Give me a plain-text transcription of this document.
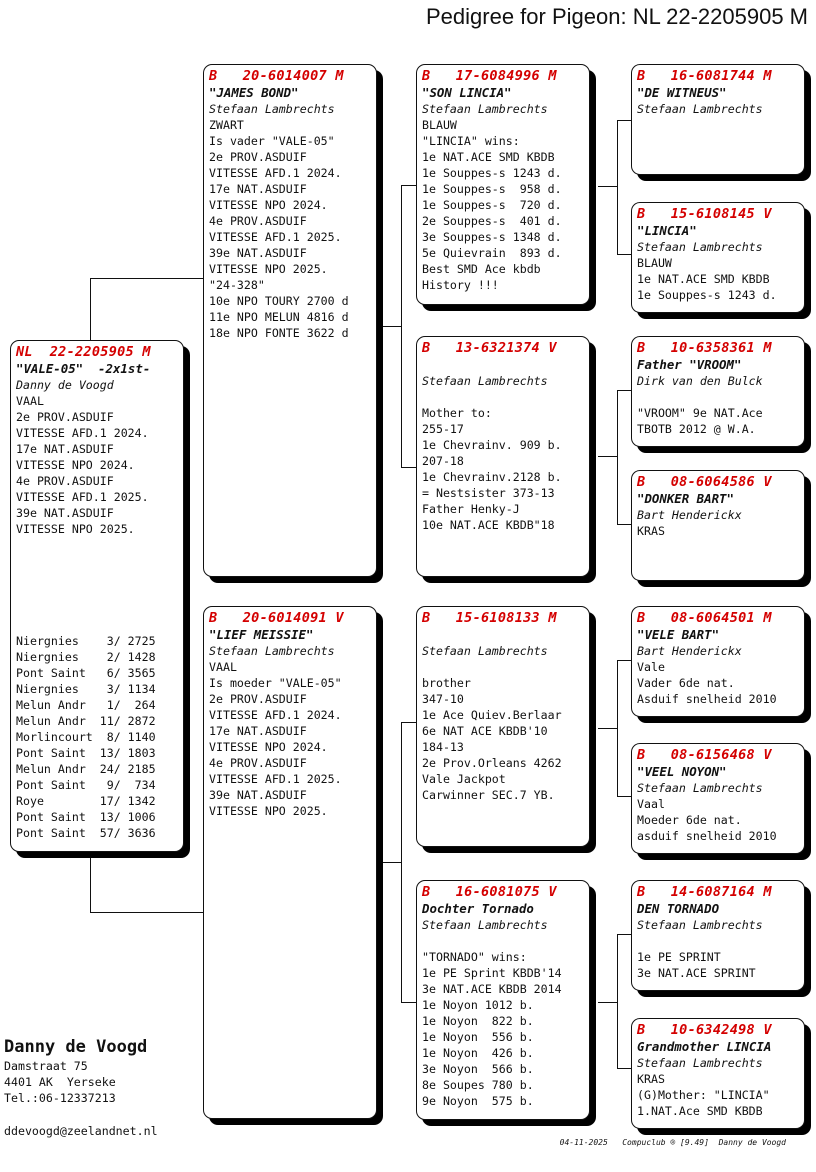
Pedigree for Pigeon: NL 22-2205905 M
NL  22-2205905 M
"VALE-05"  -2x1st-
Danny de Voogd
VAAL
2e PROV.ASDUIF
VITESSE AFD.1 2024.
17e NAT.ASDUIF
VITESSE NPO 2024.
4e PROV.ASDUIF
VITESSE AFD.1 2025.
39e NAT.ASDUIF
VITESSE NPO 2025.
Niergnies    3/ 2725
Niergnies    2/ 1428
Pont Saint   6/ 3565
Niergnies    3/ 1134
Melun Andr   1/  264
Melun Andr  11/ 2872
Morlincourt  8/ 1140
Pont Saint  13/ 1803
Melun Andr  24/ 2185
Pont Saint   9/  734
Roye        17/ 1342
Pont Saint  13/ 1006
Pont Saint  57/ 3636
B   20-6014007 M
"JAMES BOND"
Stefaan Lambrechts
ZWART
Is vader "VALE-05"
2e PROV.ASDUIF
VITESSE AFD.1 2024.
17e NAT.ASDUIF
VITESSE NPO 2024.
4e PROV.ASDUIF
VITESSE AFD.1 2025.
39e NAT.ASDUIF
VITESSE NPO 2025.
"24-328"
10e NPO TOURY 2700 d
11e NPO MELUN 4816 d
18e NPO FONTE 3622 d
B   20-6014091 V
"LIEF MEISSIE"
Stefaan Lambrechts
VAAL
Is moeder "VALE-05"
2e PROV.ASDUIF
VITESSE AFD.1 2024.
17e NAT.ASDUIF
VITESSE NPO 2024.
4e PROV.ASDUIF
VITESSE AFD.1 2025.
39e NAT.ASDUIF
VITESSE NPO 2025.
B   17-6084996 M
"SON LINCIA"
Stefaan Lambrechts
BLAUW
"LINCIA" wins:
1e NAT.ACE SMD KBDB
1e Souppes-s 1243 d.
1e Souppes-s  958 d.
1e Souppes-s  720 d.
2e Souppes-s  401 d.
3e Souppes-s 1348 d.
5e Quievrain  893 d.
Best SMD Ace kbdb
History !!!
B   13-6321374 V
Stefaan Lambrechts
Mother to:
255-17
1e Chevrainv. 909 b.
207-18
1e Chevrainv.2128 b.
= Nestsister 373-13
Father Henky-J
10e NAT.ACE KBDB"18
B   15-6108133 M
Stefaan Lambrechts
brother
347-10
1e Ace Quiev.Berlaar
6e NAT ACE KBDB'10
184-13
2e Prov.Orleans 4262
Vale Jackpot
Carwinner SEC.7 YB.
B   16-6081075 V
Dochter Tornado
Stefaan Lambrechts
"TORNADO" wins:
1e PE Sprint KBDB'14
3e NAT.ACE KBDB 2014
1e Noyon 1012 b.
1e Noyon  822 b.
1e Noyon  556 b.
1e Noyon  426 b.
3e Noyon  566 b.
8e Soupes 780 b.
9e Noyon  575 b.
B   16-6081744 M
"DE WITNEUS"
Stefaan Lambrechts
B   15-6108145 V
"LINCIA"
Stefaan Lambrechts
BLAUW
1e NAT.ACE SMD KBDB
1e Souppes-s 1243 d.
B   10-6358361 M
Father "VROOM"
Dirk van den Bulck
"VROOM" 9e NAT.Ace
TBOTB 2012 @ W.A.
B   08-6064586 V
"DONKER BART"
Bart Henderickx
KRAS
B   08-6064501 M
"VELE BART"
Bart Henderickx
Vale
Vader 6de nat.
Asduif snelheid 2010
B   08-6156468 V
"VEEL NOYON"
Stefaan Lambrechts
Vaal
Moeder 6de nat.
asduif snelheid 2010
B   14-6087164 M
DEN TORNADO
Stefaan Lambrechts
1e PE SPRINT
3e NAT.ACE SPRINT
B   10-6342498 V
Grandmother LINCIA
Stefaan Lambrechts
KRAS
(G)Mother: "LINCIA"
1.NAT.Ace SMD KBDB
Danny de Voogd
Damstraat 75
4401 AK  Yerseke
Tel.:06-12337213
ddevoogd@zeelandnet.nl
04-11-2025   Compuclub ® [9.49]  Danny de Voogd
